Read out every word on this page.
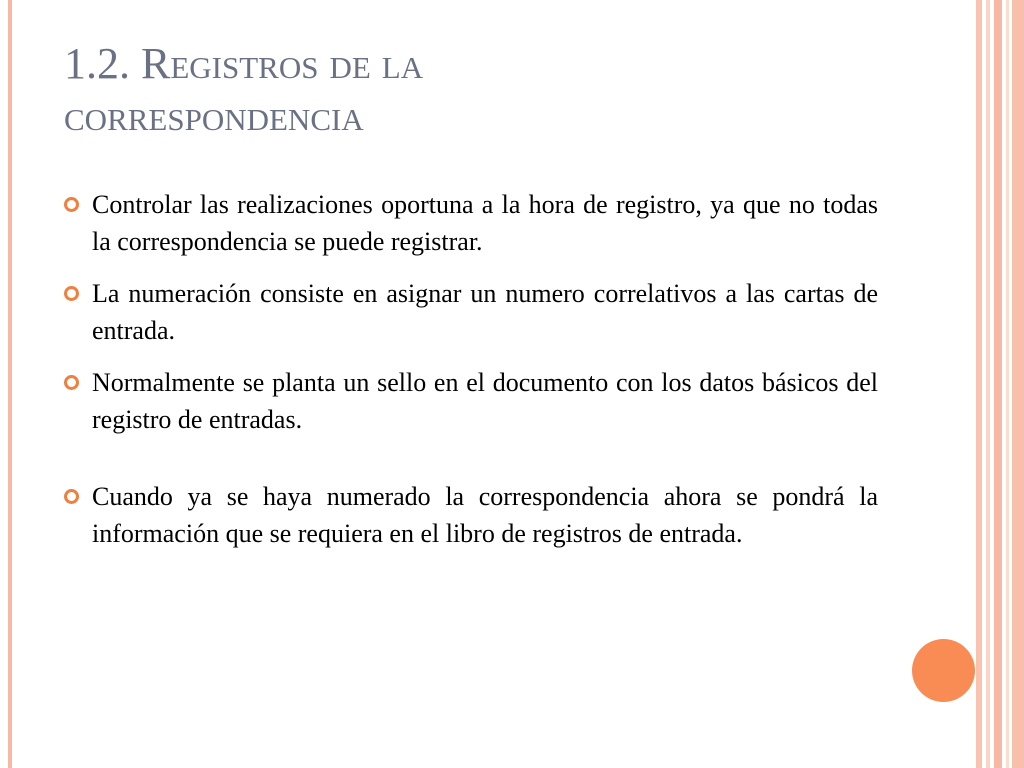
1.2. Registros de la
correspondencia
Controlar las realizaciones oportuna a la hora de registro, ya que no todas la correspondencia se puede registrar.
La numeración consiste en asignar un numero correlativos a las cartas de entrada.
Normalmente se planta un sello en el documento con los datos básicos del registro de entradas.
Cuando ya se haya numerado la correspondencia ahora se pondrá la información que se requiera en el libro de registros de entrada.
